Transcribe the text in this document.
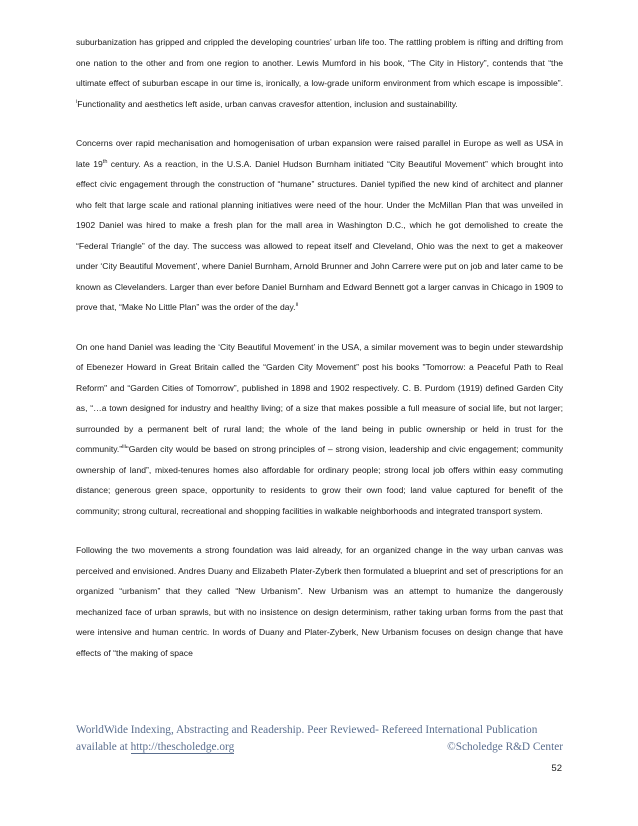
suburbanization has gripped and crippled the developing countries’ urban life too. The rattling problem is rifting and drifting from one nation to the other and from one region to another. Lewis Mumford in his book, “The City in History”, contends that “the ultimate effect of suburban escape in our time is, ironically, a low-grade uniform environment from which escape is impossible”. $^i$Functionality and aesthetics left aside, urban canvas cravesfor attention, inclusion and sustainability.

Concerns over rapid mechanisation and homogenisation of urban expansion were raised parallel in Europe as well as USA in late 19th century. As a reaction, in the U.S.A. Daniel Hudson Burnham initiated “City Beautiful Movement” which brought into effect civic engagement through the construction of “humane” structures. Daniel typified the new kind of architect and planner who felt that large scale and rational planning initiatives were need of the hour. Under the McMillan Plan that was unveiled in 1902 Daniel was hired to make a fresh plan for the mall area in Washington D.C., which he got demolished to create the “Federal Triangle” of the day. The success was allowed to repeat itself and Cleveland, Ohio was the next to get a makeover under ‘City Beautiful Movement’, where Daniel Burnham, Arnold Brunner and John Carrere were put on job and later came to be known as Clevelanders. Larger than ever before Daniel Burnham and Edward Bennett got a larger canvas in Chicago in 1909 to prove that, “Make No Little Plan” was the order of the day.$^{ii}$

On one hand Daniel was leading the ‘City Beautiful Movement’ in the USA, a similar movement was to begin under stewardship of Ebenezer Howard in Great Britain called the “Garden City Movement” post his books "Tomorrow: a Peaceful Path to Real Reform" and “Garden Cities of Tomorrow”, published in 1898 and 1902 respectively. C. B. Purdom (1919) defined Garden City as, “…a town designed for industry and healthy living; of a size that makes possible a full measure of social life, but not larger; surrounded by a permanent belt of rural land; the whole of the land being in public ownership or held in trust for the community.”$^{iii}$“Garden city would be based on strong principles of – strong vision, leadership and civic engagement; community ownership of land”, mixed-tenures homes also affordable for ordinary people; strong local job offers within easy commuting distance; generous green space, opportunity to residents to grow their own food; land value captured for benefit of the community; strong cultural, recreational and shopping facilities in walkable neighborhoods and integrated transport system.

Following the two movements a strong foundation was laid already, for an organized change in the way urban canvas was perceived and envisioned. Andres Duany and Elizabeth Plater-Zyberk then formulated a blueprint and set of prescriptions for an organized “urbanism” that they called “New Urbanism”. New Urbanism was an attempt to humanize the dangerously mechanized face of urban sprawls, but with no insistence on design determinism, rather taking urban forms from the past that were intensive and human centric. In words of Duany and Plater-Zyberk, New Urbanism focuses on design change that have effects of “the making of space

WorldWide Indexing, Abstracting and Readership. Peer Reviewed- Refereed International Publication
available at http://thescholedge.org	©Scholedge R&D Center
52
